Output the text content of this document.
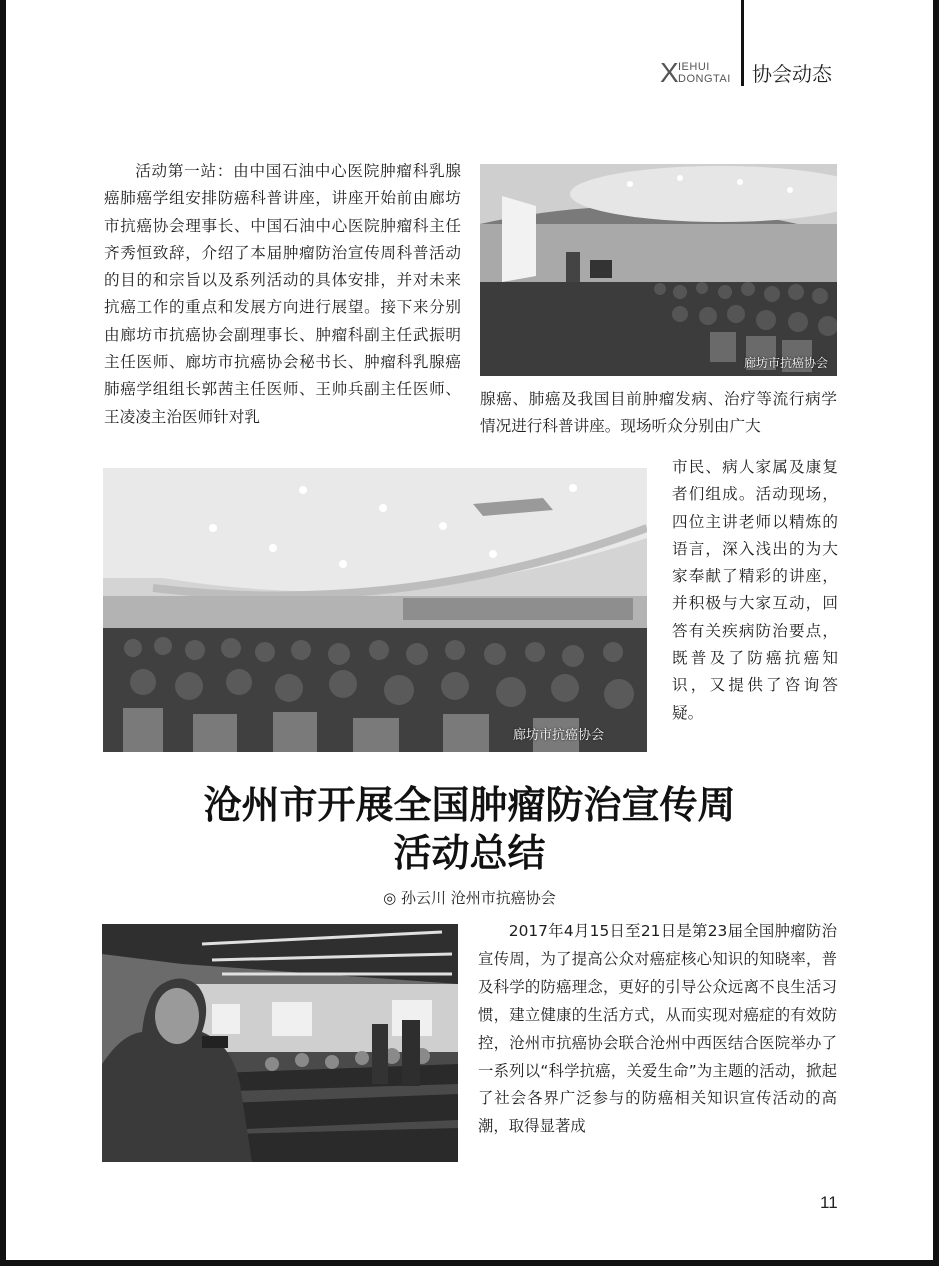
X IEHUI
DONGTAI 协会动态

活动第一站：由中国石油中心医院肿瘤科乳腺癌肺癌学组安排防癌科普讲座，讲座开始前由廊坊市抗癌协会理事长、中国石油中心医院肿瘤科主任齐秀恒致辞，介绍了本届肿瘤防治宣传周科普活动的目的和宗旨以及系列活动的具体安排，并对未来抗癌工作的重点和发展方向进行展望。接下来分别由廊坊市抗癌协会副理事长、肿瘤科副主任武振明主任医师、廊坊市抗癌协会秘书长、肿瘤科乳腺癌肺癌学组组长郭茜主任医师、王帅兵副主任医师、王凌凌主治医师针对乳

腺癌、肺癌及我国目前肿瘤发病、治疗等流行病学情况进行科普讲座。现场听众分别由广大

市民、病人家属及康复者们组成。活动现场，四位主讲老师以精炼的语言，深入浅出的为大家奉献了精彩的讲座，并积极与大家互动，回答有关疾病防治要点，既普及了防癌抗癌知识，又提供了咨询答疑。

廊坊市抗癌协会
廊坊市抗癌协会
沧州市开展全国肿瘤防治宣传周
活动总结
◎ 孙云川 沧州市抗癌协会

2017年4月15日至21日是第23届全国肿瘤防治宣传周，为了提高公众对癌症核心知识的知晓率，普及科学的防癌理念，更好的引导公众远离不良生活习惯，建立健康的生活方式，从而实现对癌症的有效防控，沧州市抗癌协会联合沧州中西医结合医院举办了一系列以“科学抗癌，关爱生命”为主题的活动，掀起了社会各界广泛参与的防癌相关知识宣传活动的高潮，取得显著成

11
